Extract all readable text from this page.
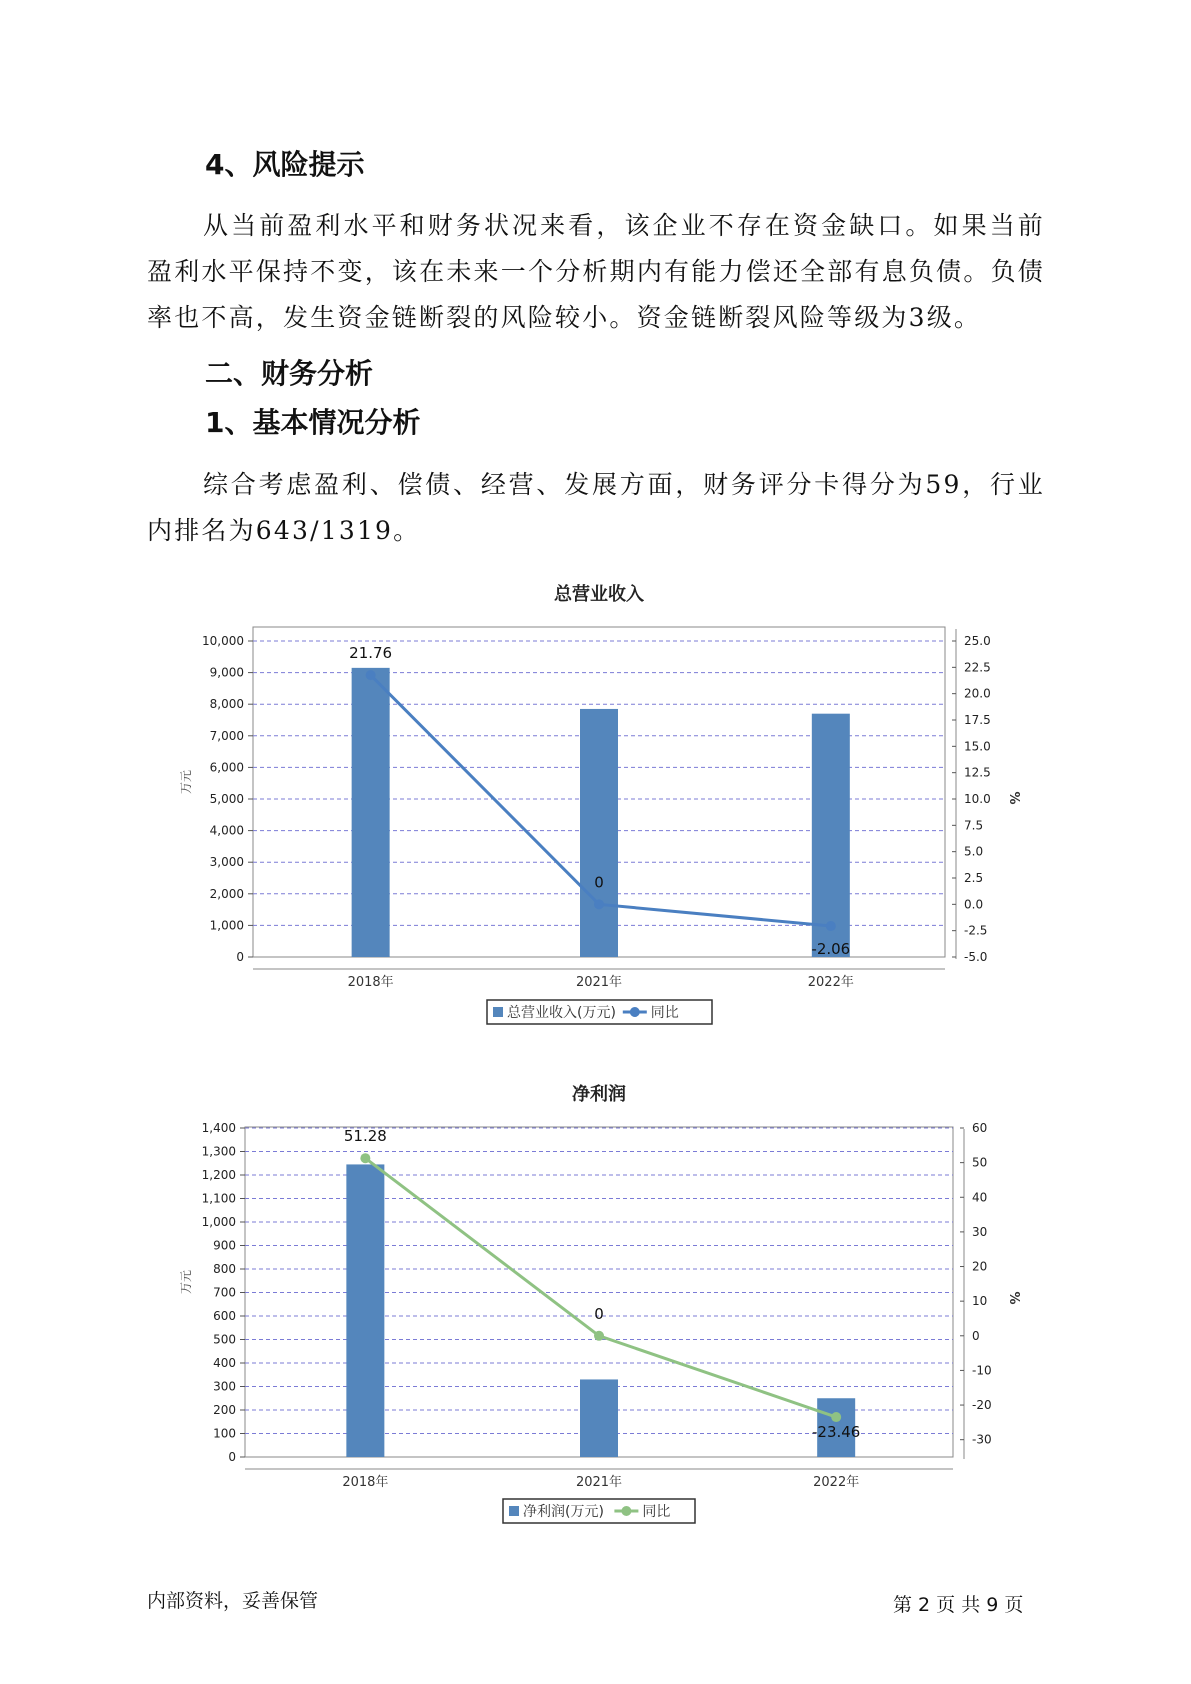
4、风险提示

从当前盈利水平和财务状况来看，该企业不存在资金缺口。如果当前盈利水平保持不变，该在未来一个分析期内有能力偿还全部有息负债。负债率也不高，发生资金链断裂的风险较小。资金链断裂风险等级为3级。

二、财务分析
1、基本情况分析

综合考虑盈利、偿债、经营、发展方面，财务评分卡得分为59，行业内排名为643/1319。

总营业收入
0
1,000
2,000
3,000
4,000
5,000
6,000
7,000
8,000
9,000
10,000
万元
-5.0
-2.5
0.0
2.5
5.0
7.5
10.0
12.5
15.0
17.5
20.0
22.5
25.0
%
2018年	2021年	2022年
21.76
0
-2.06
总营业收入(万元) 同比
净利润
0
100
200
300
400
500
600
700
800
900
1,000
1,100
1,200
1,300
1,400
万元
-30
-20
-10
0
10
20
30
40
50
60
%
2018年	2021年	2022年
51.28
0
-23.46
净利润(万元)	同比
内部资料，妥善保管	第 2 页 共 9 页
